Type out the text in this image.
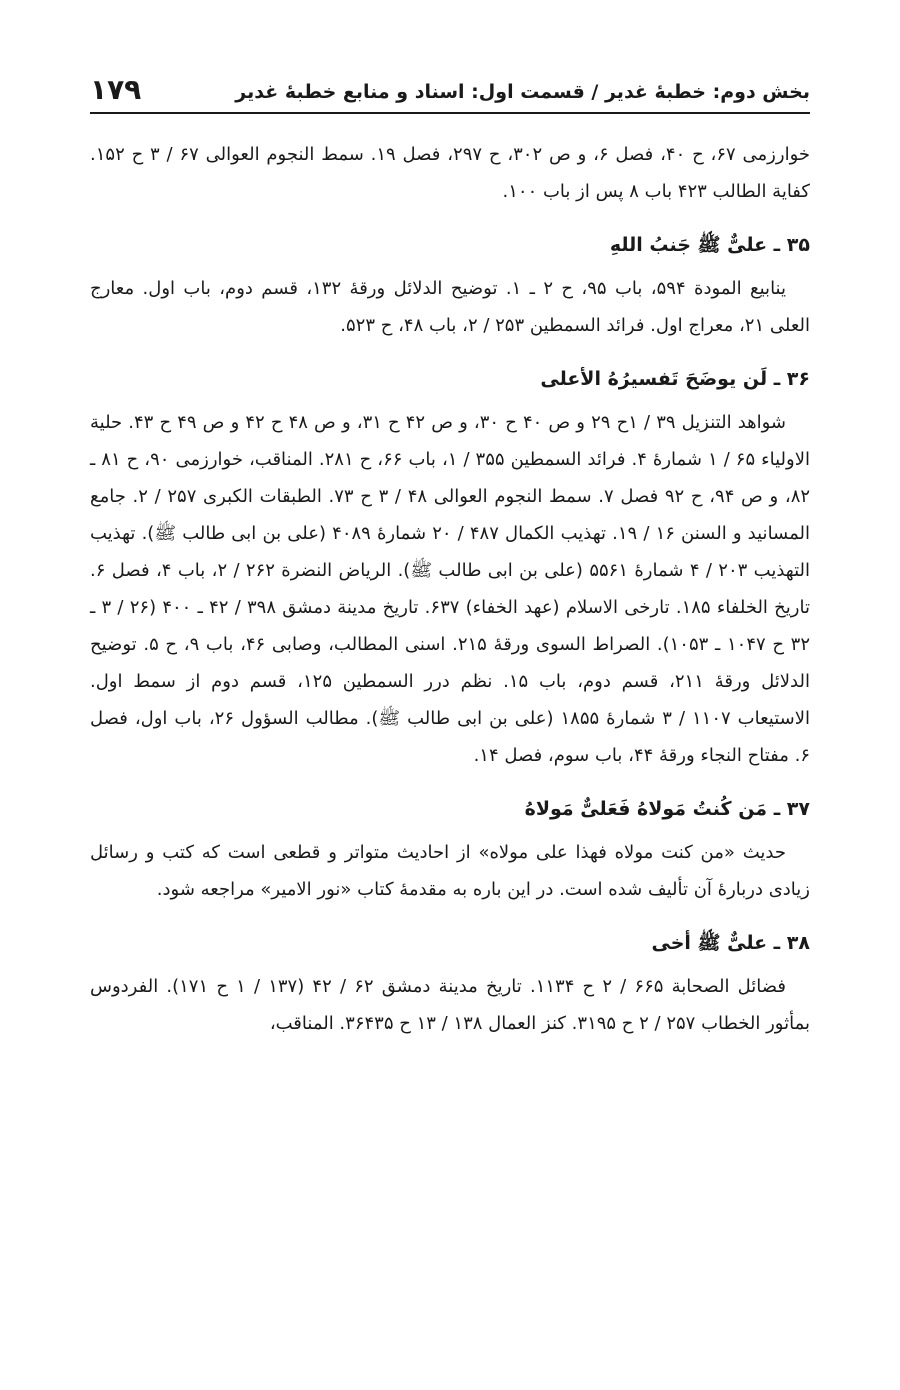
بخش دوم: خطبۀ غدیر / قسمت اول: اسناد و منابع خطبۀ غدیر
۱۷۹

خوارزمی ۶۷، ح ۴۰، فصل ۶، و ص ۳۰۲، ح ۲۹۷، فصل ۱۹. سمط النجوم العوالی ۶۷ / ۳ ح ۱۵۲. کفایة الطالب ۴۲۳ باب ۸ پس از باب ۱۰۰.

۳۵ ـ علیٌّ ﷺ جَنبُ اللهِ

ینابیع المودة ۵۹۴، باب ۹۵، ح ۲ ـ ۱. توضیح الدلائل ورقۀ ۱۳۲، قسم دوم، باب اول. معارج العلی ۲۱، معراج اول. فرائد السمطین ۲۵۳ / ۲، باب ۴۸، ح ۵۲۳.

۳۶ ـ لَن یوضَحَ تَفسیرُهُ الأعلی

شواهد التنزیل ۳۹ / ۱ح ۲۹ و ص ۴۰ ح ۳۰، و ص ۴۲ ح ۳۱، و ص ۴۸ ح ۴۲ و ص ۴۹ ح ۴۳. حلیة الاولیاء ۶۵ / ۱ شمارۀ ۴. فرائد السمطین ۳۵۵ / ۱، باب ۶۶، ح ۲۸۱. المناقب، خوارزمی ۹۰، ح ۸۱ ـ ۸۲، و ص ۹۴، ح ۹۲ فصل ۷. سمط النجوم العوالی ۴۸ / ۳ ح ۷۳. الطبقات الکبری ۲۵۷ / ۲. جامع المسانید و السنن ۱۶ / ۱۹. تهذیب الکمال ۴۸۷ / ۲۰ شمارۀ ۴۰۸۹ (علی بن ابی طالب ﷺ). تهذیب التهذیب ۲۰۳ / ۴ شمارۀ ۵۵۶۱ (علی بن ابی طالب ﷺ). الریاض النضرة ۲۶۲ / ۲، باب ۴، فصل ۶. تاریخ الخلفاء ۱۸۵. تارخی الاسلام (عهد الخفاء) ۶۳۷. تاریخ مدینة دمشق ۳۹۸ / ۴۲ ـ ۴۰۰ (۲۶ / ۳ ـ ۳۲ ح ۱۰۴۷ ـ ۱۰۵۳). الصراط السوی ورقۀ ۲۱۵. اسنی المطالب، وصابی ۴۶، باب ۹، ح ۵. توضیح الدلائل ورقۀ ۲۱۱، قسم دوم، باب ۱۵. نظم درر السمطین ۱۲۵، قسم دوم از سمط اول. الاستیعاب ۱۱۰۷ / ۳ شمارۀ ۱۸۵۵ (علی بن ابی طالب ﷺ). مطالب السؤول ۲۶، باب اول، فصل ۶. مفتاح النجاء ورقۀ ۴۴، باب سوم، فصل ۱۴.

۳۷ ـ مَن کُنتُ مَولاهُ فَعَلیٌّ مَولاهُ

حدیث «من کنت مولاه فهذا علی مولاه» از احادیث متواتر و قطعی است که کتب و رسائل زیادی دربارۀ آن تألیف شده است. در این باره به مقدمۀ کتاب «نور الامیر» مراجعه شود.

۳۸ ـ علیٌّ ﷺ أخی

فضائل الصحابة ۶۶۵ / ۲ ح ۱۱۳۴. تاریخ مدینة دمشق ۶۲ / ۴۲ (۱۳۷ / ۱ ح ۱۷۱). الفردوس بمأثور الخطاب ۲۵۷ / ۲ ح ۳۱۹۵. کنز العمال ۱۳۸ / ۱۳ ح ۳۶۴۳۵. المناقب،
